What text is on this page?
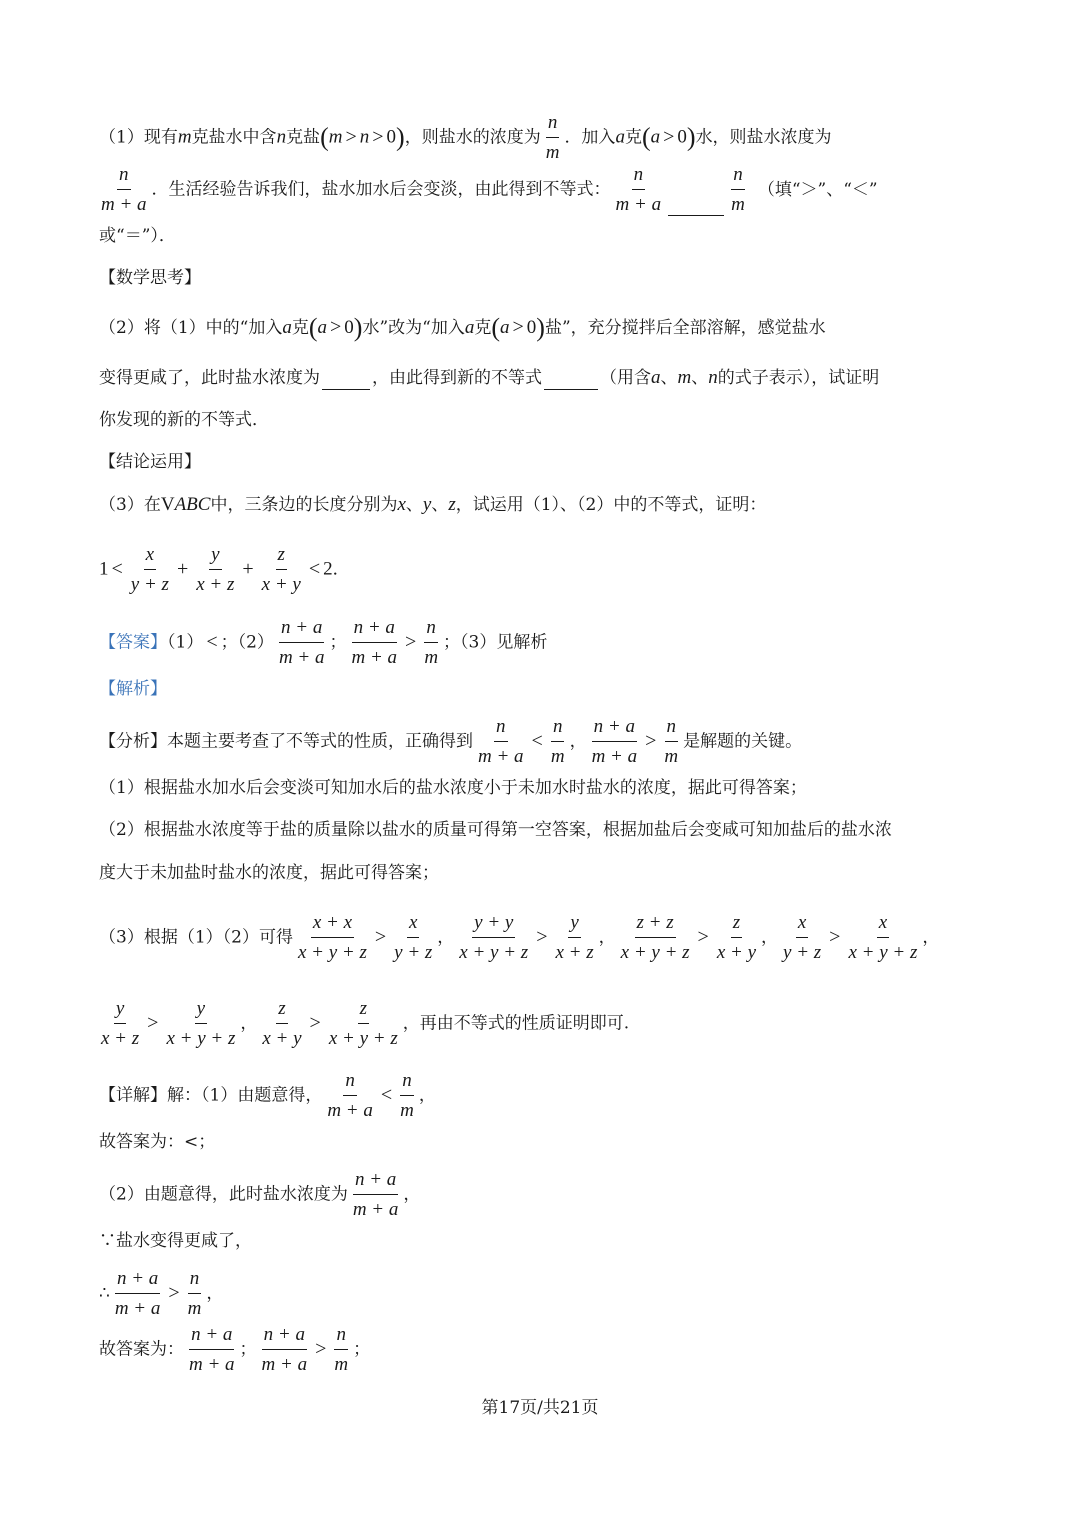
（1）现有m克盐水中含n克盐(m > n > 0)，则盐水的浓度为 $\frac{n}{m}$ ．加入a克(a > 0)水，则盐水浓度为
$\frac{n}{m + a}$ ．生活经验告诉我们，盐水加水后会变淡，由此得到不等式： $\frac{n}{m + a}$	$\frac{n}{m}$ （填“＞”、“＜”
或“＝”）．
【数学思考】
（2）将（1）中的“加入a克(a > 0)水”改为“加入a克(a > 0)盐”，充分搅拌后全部溶解，感觉盐水
变得更咸了，此时盐水浓度为	，由此得到新的不等式	（用含a、m、n的式子表示），试证明
你发现的新的不等式．
【结论运用】
（3）在VABC中，三条边的长度分别为x、y、z，试运用（1）、（2）中的不等式，证明：
$1 < \frac{x}{y + z} + \frac{y}{x + z} + \frac{z}{x + y} < 2$．
【答案】（1） < ；$(2) \frac{n + a}{m + a}$ ； $\frac{n + a}{m + a} > \frac{n}{m}$ ；（3）见解析
【解析】
【分析】本题主要考查了不等式的性质，正确得到 $\frac{n}{m + a} < \frac{n}{m}$ ， $\frac{n + a}{m + a} > \frac{n}{m}$ 是解题的关键。
（1）根据盐水加水后会变淡可知加水后的盐水浓度小于未加水时盐水的浓度，据此可得答案；
（2）根据盐水浓度等于盐的质量除以盐水的质量可得第一空答案，根据加盐后会变咸可知加盐后的盐水浓
度大于未加盐时盐水的浓度，据此可得答案；
（3）根据（1）（2）可得 $\frac{x + x}{x + y + z} > \frac{x}{y + z}$ ， $\frac{y + y}{x + y + z} > \frac{y}{x + z}$ ， $\frac{z + z}{x + y + z} > \frac{z}{x + y}$ ， $\frac{x}{y + z} > \frac{x}{x + y + z}$ ，
$\frac{y}{x + z} > \frac{y}{x + y + z}$ ， $\frac{z}{x + y} > \frac{z}{x + y + z}$ ，再由不等式的性质证明即可.
【详解】解：（1）由题意得， $\frac{n}{m + a} < \frac{n}{m}$ ，
故答案为：<；
（2）由题意得，此时盐水浓度为 $\frac{n + a}{m + a}$ ，
∵盐水变得更咸了，
∴ $\frac{n + a}{m + a} > \frac{n}{m}$ ，
故答案为： $\frac{n + a}{m + a}$ ； $\frac{n + a}{m + a} > \frac{n}{m}$ ；
第17页/共21页
